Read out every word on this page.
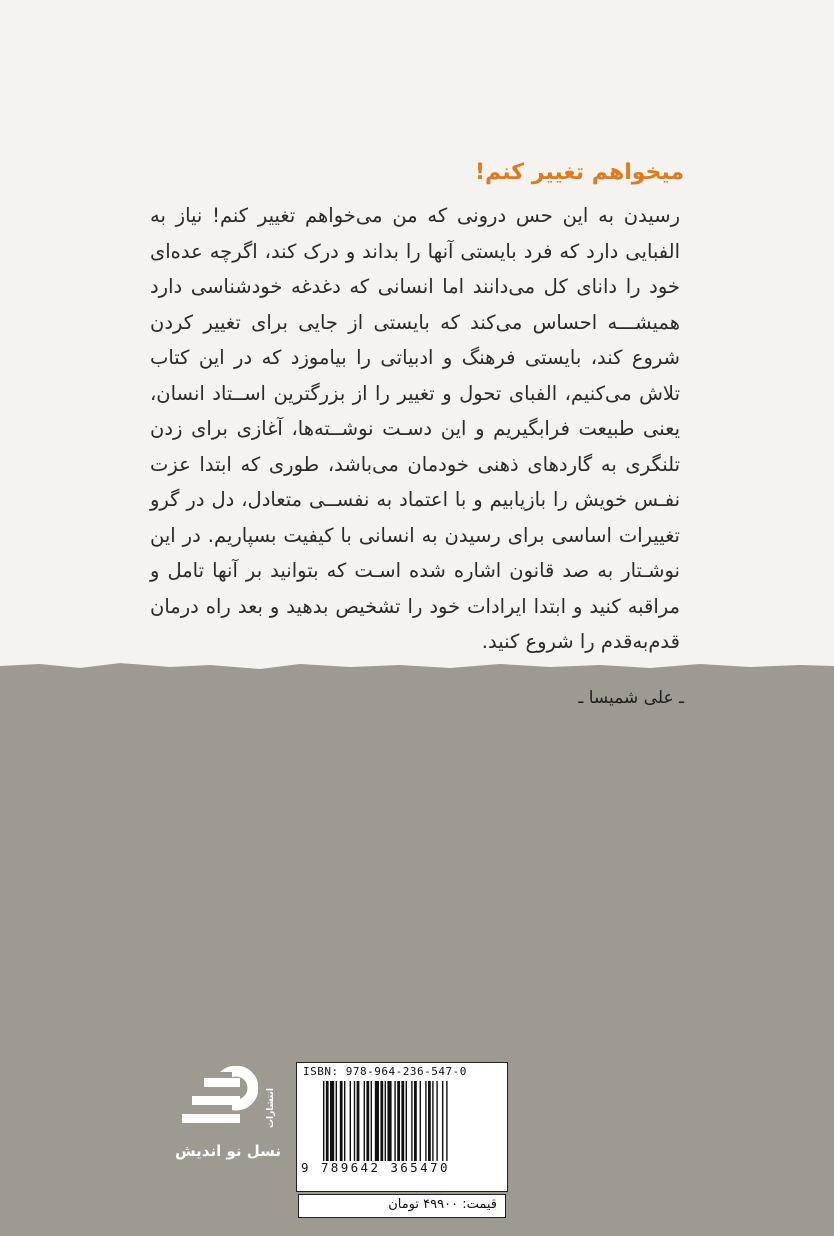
میخواهم تغییر کنم!
رسیدن به این حس درونی که من می‌خواهم تغییر کنم! نیاز به الفبایی دارد که فرد بایستی آنها را بداند و درک کند، اگرچه عده‌ای خود را دانای کل می‌دانند اما انسانی که دغدغه خودشناسی دارد همیشـــه احساس می‌کند که بایستی از جایی برای تغییر کردن شروع کند، بایستی فرهنگ و ادبیاتی را بیاموزد که در این کتاب تلاش می‌کنیم، الفبای تحول و تغییر را از بزرگترین اســتاد انسان، یعنی طبیعت فرابگیریم و این دسـت نوشــته‌ها، آغازی برای زدن تلنگری به گاردهای ذهنی خودمان می‌باشد، طوری که ابتدا عزت نفـس خویش را بازیابیم و با اعتماد به نفســی متعادل، دل در گرو تغییرات اساسی برای رسیدن به انسانی با کیفیت بسپاریم. در این نوشـتار به صد قانون اشاره شده اسـت که بتوانید بر آنها تامل و مراقبه کنید و ابتدا ایرادات خود را تشخیص بدهید و بعد راه درمان قدم‌به‌قدم را شروع کنید.
ـ علی شمیسا ـ
انتشارات
نسل نو اندیش
ISBN: 978-964-236-547-0
9 789642 365470
قیمت: ۴۹۹۰۰ تومان
